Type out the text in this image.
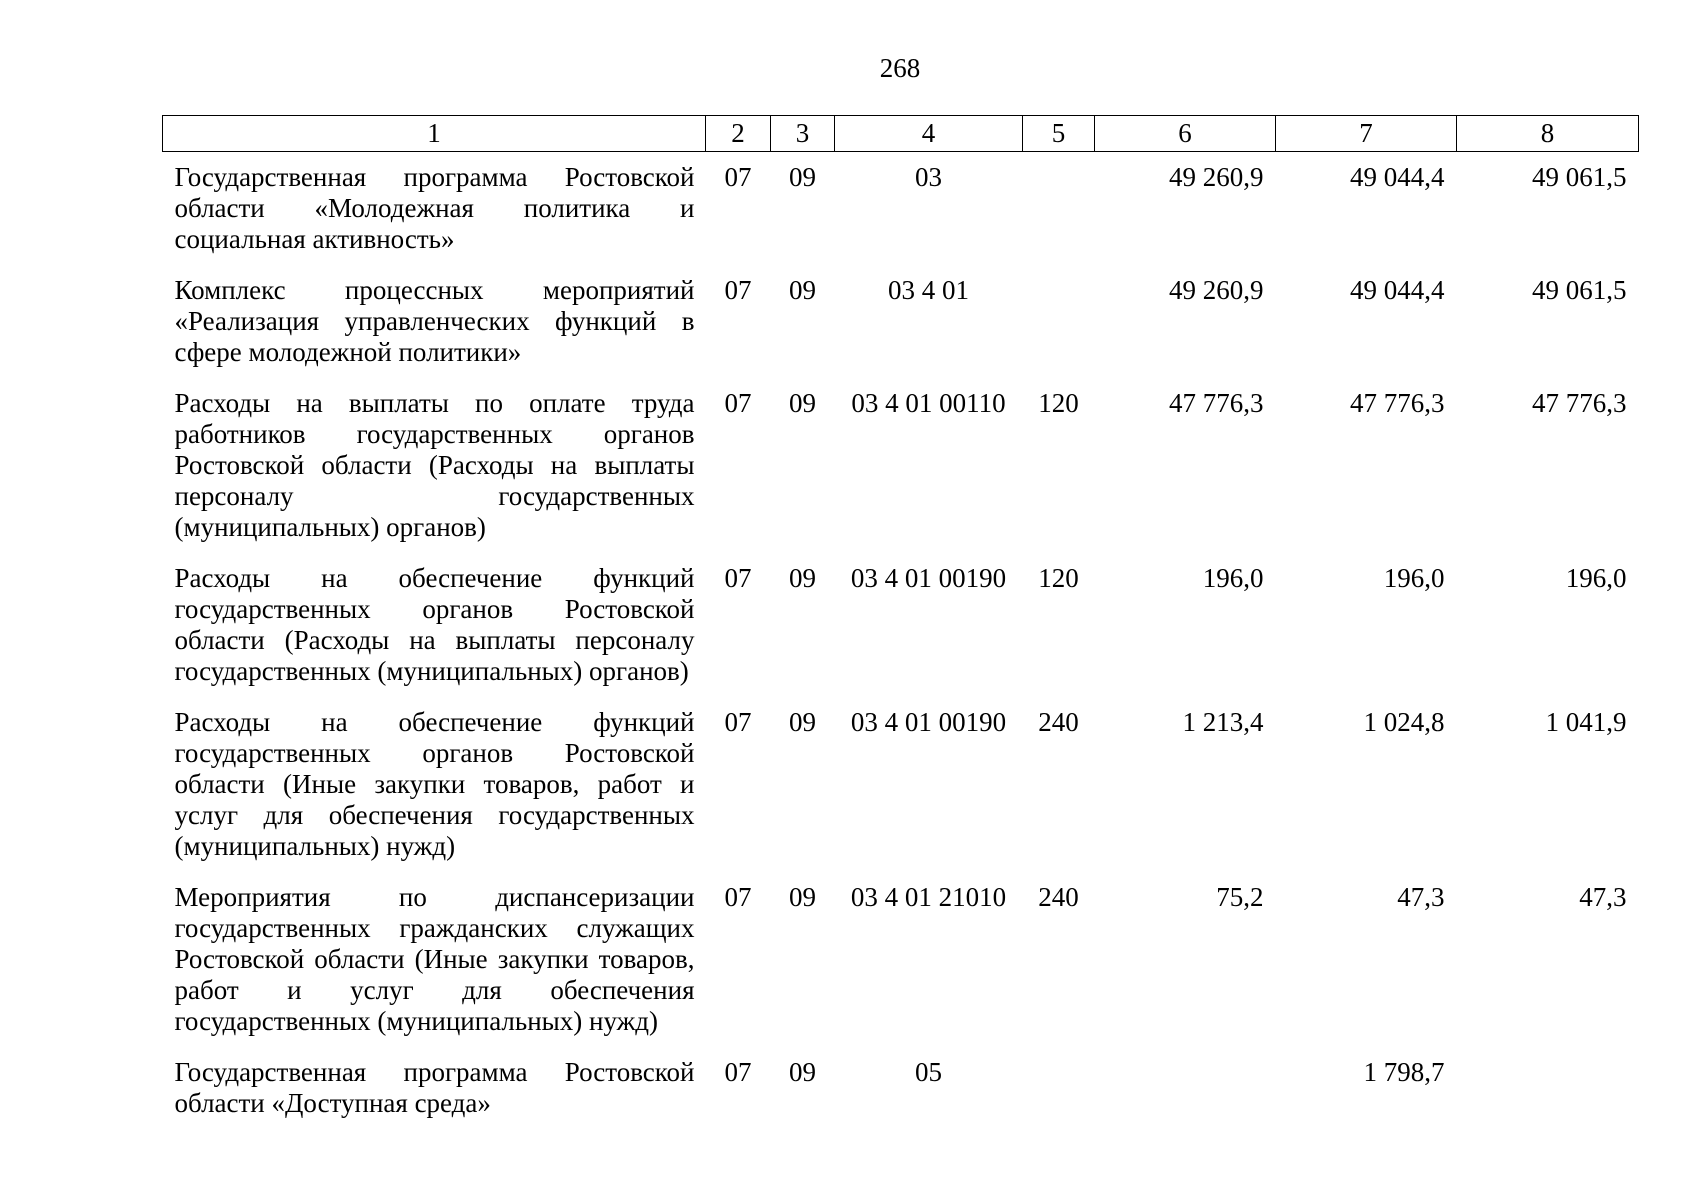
268
1	2	3	4	5	6	7	8
Государственная программа Ростовской области «Молодежная политика и социальная активность»	07	09	03		49 260,9	49 044,4	49 061,5
Комплекс процессных мероприятий «Реализация управленческих функций в сфере молодежной политики»	07	09	03 4 01		49 260,9	49 044,4	49 061,5
Расходы на выплаты по оплате труда работников государственных органов Ростовской области (Расходы на выплаты персоналу государственных (муниципальных) органов)	07	09	03 4 01 00110	120	47 776,3	47 776,3	47 776,3
Расходы на обеспечение функций государственных органов Ростовской области (Расходы на выплаты персоналу государственных (муниципальных) органов)	07	09	03 4 01 00190	120	196,0	196,0	196,0
Расходы на обеспечение функций государственных органов Ростовской области (Иные закупки товаров, работ и услуг для обеспечения государственных (муниципальных) нужд)	07	09	03 4 01 00190	240	1 213,4	1 024,8	1 041,9
Мероприятия по диспансеризации государственных гражданских служащих Ростовской области (Иные закупки товаров, работ и услуг для обеспечения государственных (муниципальных) нужд)	07	09	03 4 01 21010	240	75,2	47,3	47,3
Государственная программа Ростовской области «Доступная среда»	07	09	05			1 798,7	
